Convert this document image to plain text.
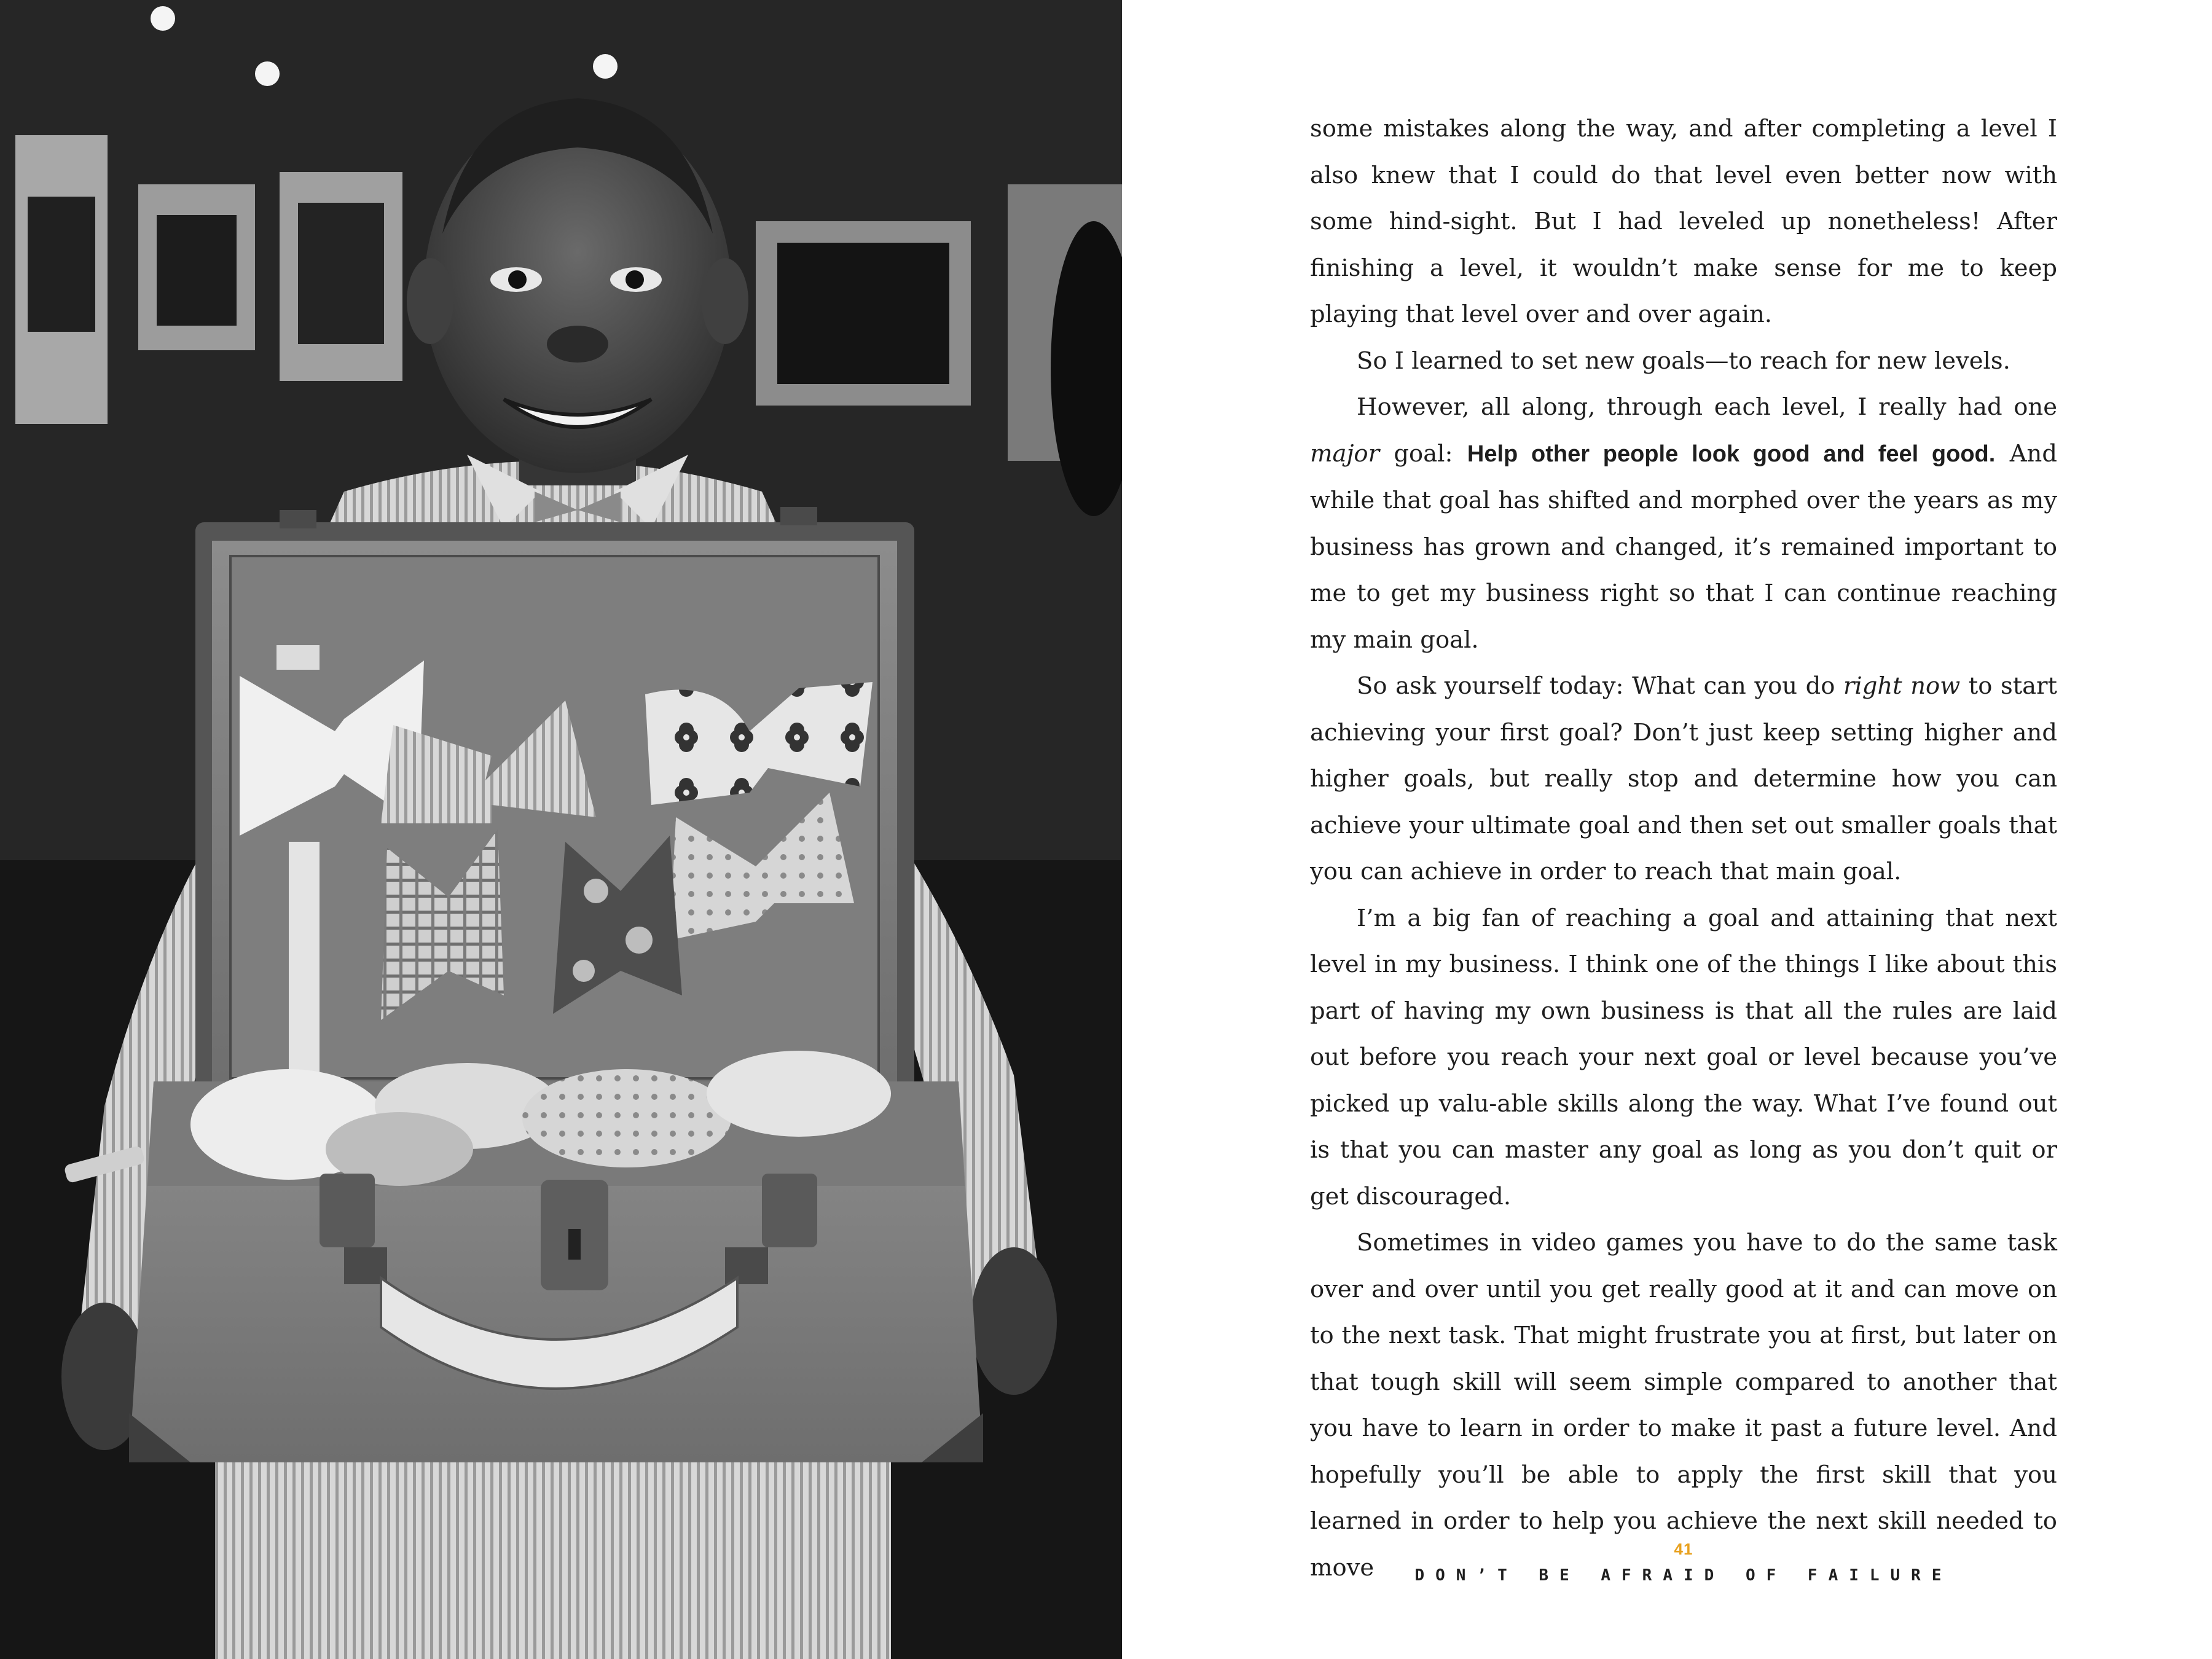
some mistakes along the way, and after completing a level I also knew that I could do that level even better now with some hind-sight. But I had leveled up nonetheless! After finishing a level, it wouldn’t make sense for me to keep playing that level over and over again.

So I learned to set new goals—to reach for new levels.

However, all along, through each level, I really had one major goal: Help other people look good and feel good. And while that goal has shifted and morphed over the years as my business has grown and changed, it’s remained important to me to get my business right so that I can continue reaching my main goal.

So ask yourself today: What can you do right now to start achieving your first goal? Don’t just keep setting higher and higher goals, but really stop and determine how you can achieve your ultimate goal and then set out smaller goals that you can achieve in order to reach that main goal.

I’m a big fan of reaching a goal and attaining that next level in my business. I think one of the things I like about this part of having my own business is that all the rules are laid out before you reach your next goal or level because you’ve picked up valu-able skills along the way. What I’ve found out is that you can master any goal as long as you don’t quit or get discouraged.

Sometimes in video games you have to do the same task over and over until you get really good at it and can move on to the next task. That might frustrate you at first, but later on that tough skill will seem simple compared to another that you have to learn in order to make it past a future level. And hopefully you’ll be able to apply the first skill that you learned in order to help you achieve the next skill needed to move

41
DON’T BE AFRAID OF FAILURE
